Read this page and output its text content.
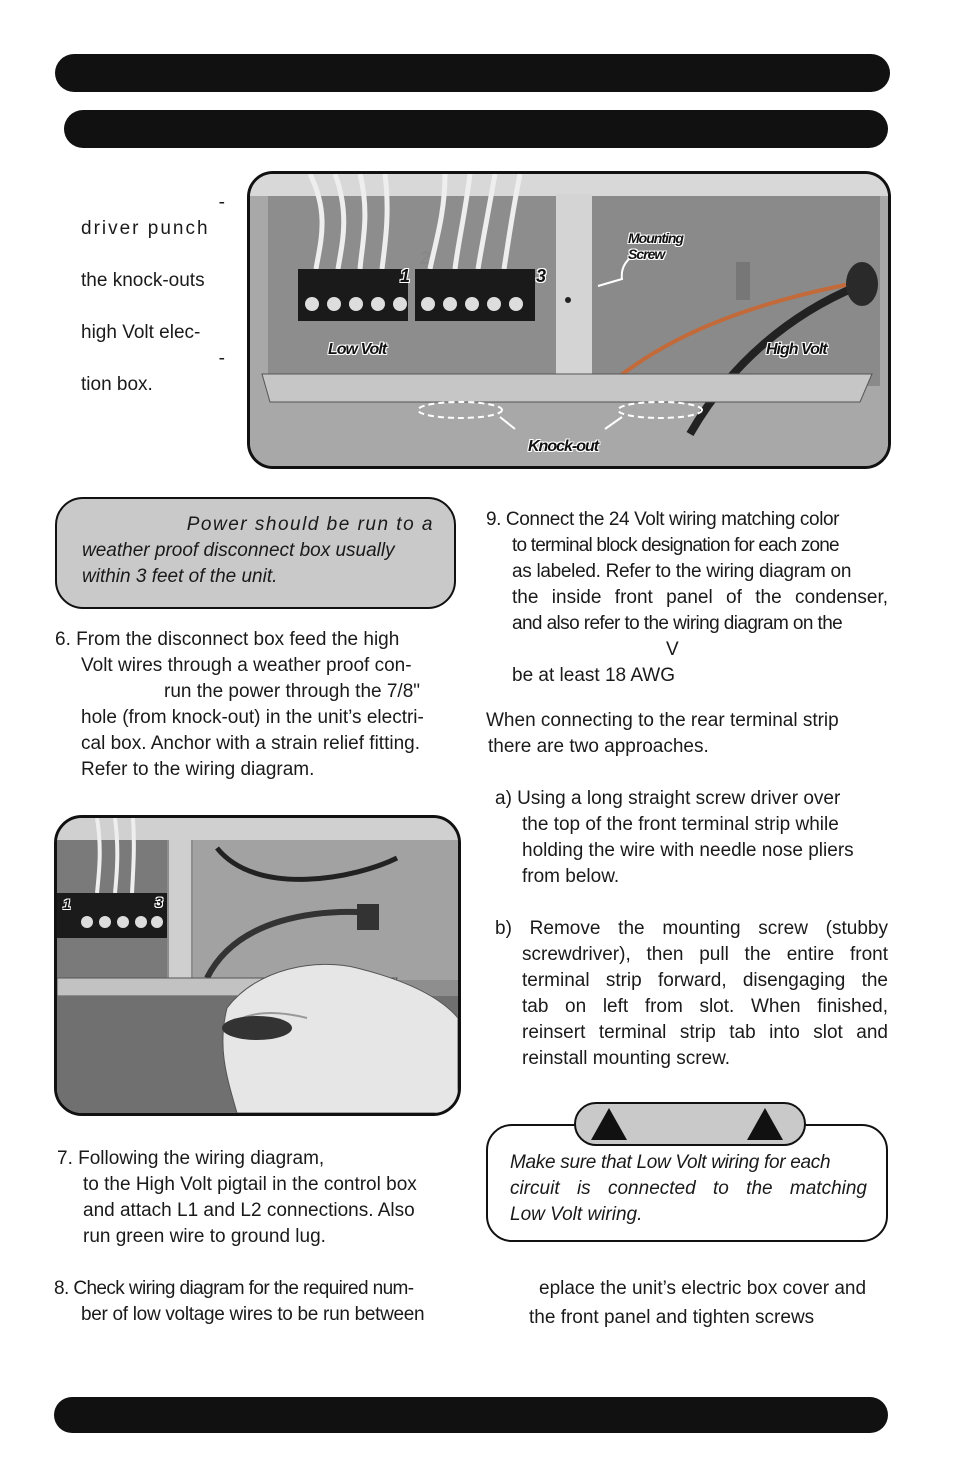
-
driver punch
the knock-outs
high Volt elec-
-
tion box.
Mounting Screw
Low Volt	High Volt
Knock-out
1
2
3
Power should be run to a
weather proof disconnect box usually
within 3 feet of the unit.
6. From the disconnect box feed the high
Volt wires through a weather proof con-
run the power through the 7/8"
hole (from knock-out) in the unit’s electri-
cal box. Anchor with a strain relief fitting.
Refer to the wiring diagram.
1	3
7. Following the wiring diagram,
to the High Volt pigtail in the control box
and attach L1 and L2 connections. Also
run green wire to ground lug.
8. Check wiring diagram for the required num-
ber of low voltage wires to be run between
9. Connect the 24 Volt wiring matching color
to terminal block designation for each zone
as labeled. Refer to the wiring diagram on
the inside front panel of the condenser,
and also refer to the wiring diagram on the
V
be at least 18 AWG
When connecting to the rear terminal strip
there are two approaches.
a) Using a long straight screw driver over
the top of the front terminal strip while
holding the wire with needle nose pliers
from below.
b) Remove the mounting screw (stubby
screwdriver), then pull the entire front
terminal strip forward, disengaging the
tab on left from slot. When finished,
reinsert terminal strip tab into slot and
reinstall mounting screw.
Make sure that Low Volt wiring for each
circuit is connected to the matching
Low Volt wiring.
eplace the unit’s electric box cover and
the front panel and tighten screws
